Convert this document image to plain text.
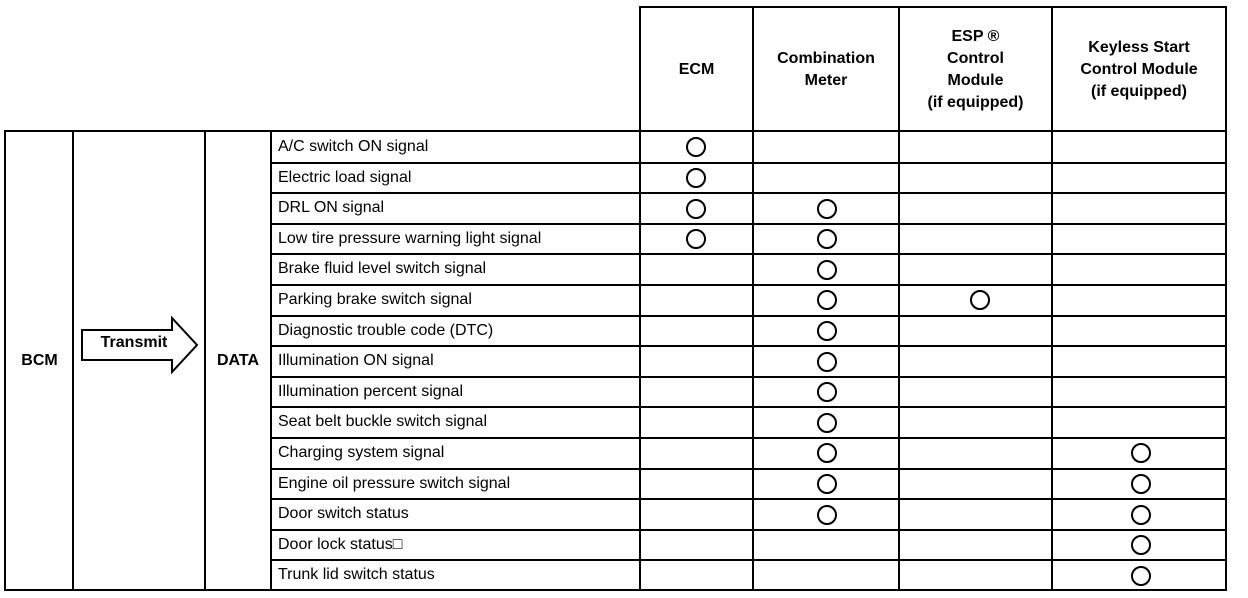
ECM
Combination
Meter
ESP ®
Control
Module
(if equipped)
Keyless Start
Control Module
(if equipped)
BCM
Transmit
DATA
A/C switch ON signal
Electric load signal
DRL ON signal
Low tire pressure warning light signal
Brake fluid level switch signal
Parking brake switch signal
Diagnostic trouble code (DTC)
Illumination ON signal
Illumination percent signal
Seat belt buckle switch signal
Charging system signal
Engine oil pressure switch signal
Door switch status
Door lock status□
Trunk lid switch status
